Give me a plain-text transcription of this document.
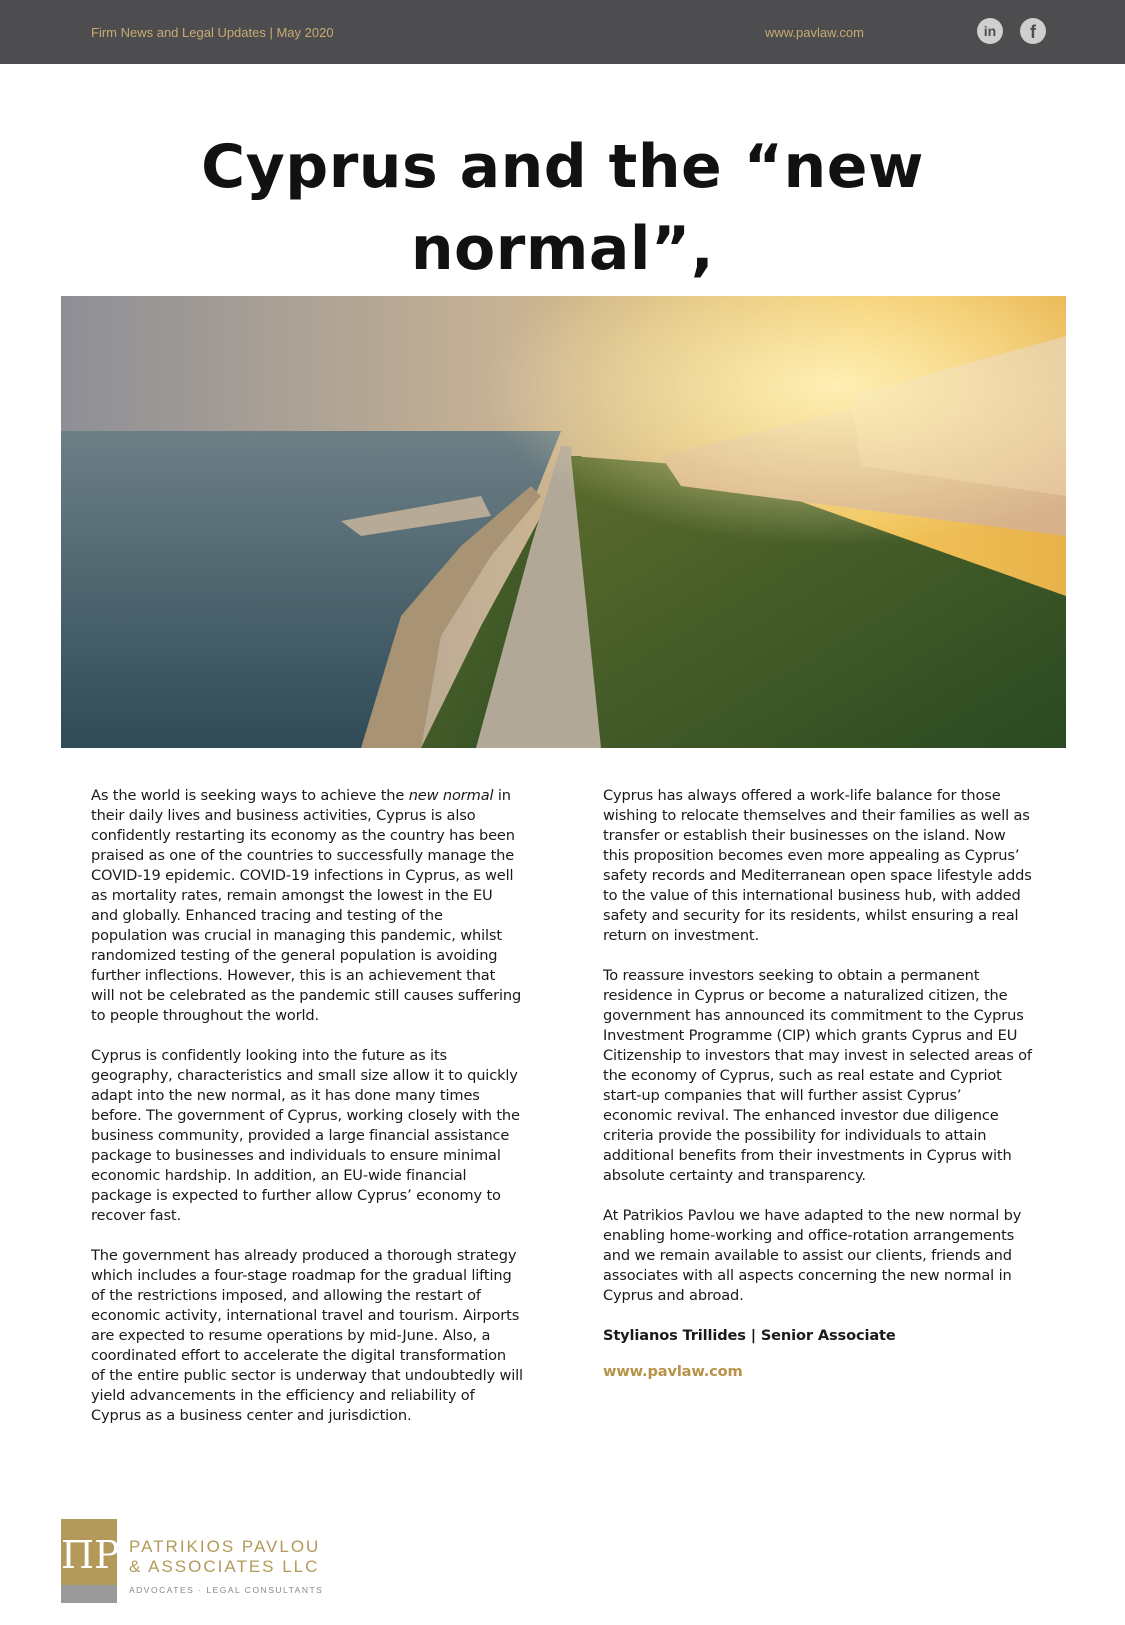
Firm News and Legal Updates | May 2020	www.pavlaw.com	in	f
Cyprus and the “new normal”,

As the world is seeking ways to achieve the new normal in their daily lives and business activities, Cyprus is also confidently restarting its economy as the country has been praised as one of the countries to successfully manage the COVID-19 epidemic. COVID-19 infections in Cyprus, as well as mortality rates, remain amongst the lowest in the EU and globally. Enhanced tracing and testing of the population was crucial in managing this pandemic, whilst randomized testing of the general population is avoiding further inflections. However, this is an achievement that will not be celebrated as the pandemic still causes suffering to people throughout the world.

Cyprus is confidently looking into the future as its geography, characteristics and small size allow it to quickly adapt into the new normal, as it has done many times before. The government of Cyprus, working closely with the business community, provided a large financial assistance package to businesses and individuals to ensure minimal economic hardship. In addition, an EU-wide financial package is expected to further allow Cyprus’ economy to recover fast.

The government has already produced a thorough strategy which includes a four-stage roadmap for the gradual lifting of the restrictions imposed, and allowing the restart of economic activity, international travel and tourism. Airports are expected to resume operations by mid-June. Also, a coordinated effort to accelerate the digital transformation of the entire public sector is underway that undoubtedly will yield advancements in the efficiency and reliability of Cyprus as a business center and jurisdiction.

Cyprus has always offered a work-life balance for those wishing to relocate themselves and their families as well as transfer or establish their businesses on the island. Now this proposition becomes even more appealing as Cyprus’ safety records and Mediterranean open space lifestyle adds to the value of this international business hub, with added safety and security for its residents, whilst ensuring a real return on investment.

To reassure investors seeking to obtain a permanent residence in Cyprus or become a naturalized citizen, the government has announced its commitment to the Cyprus Investment Programme (CIP) which grants Cyprus and EU Citizenship to investors that may invest in selected areas of the economy of Cyprus, such as real estate and Cypriot start-up companies that will further assist Cyprus’ economic revival. The enhanced investor due diligence criteria provide the possibility for individuals to attain additional benefits from their investments in Cyprus with absolute certainty and transparency.

At Patrikios Pavlou we have adapted to the new normal by enabling home-working and office-rotation arrangements and we remain available to assist our clients, friends and associates with all aspects concerning the new normal in Cyprus and abroad.

Stylianos Trillides | Senior Associate

www.pavlaw.com

ΠP PATRIKIOS PAVLOU
& ASSOCIATES LLC
ADVOCATES · LEGAL CONSULTANTS
